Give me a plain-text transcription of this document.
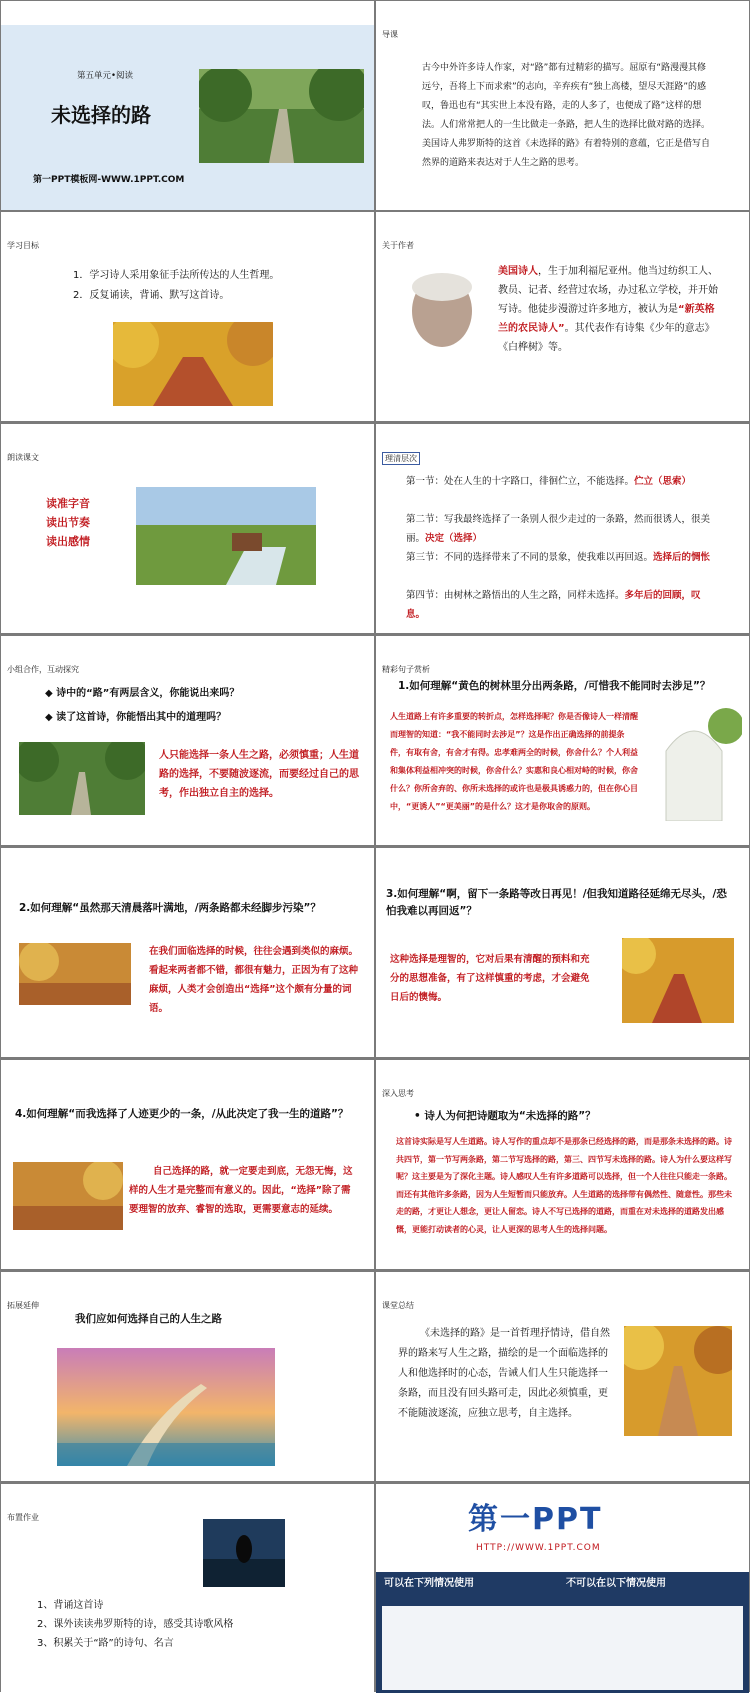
第五单元•阅读
未选择的路
第一PPT模板网-WWW.1PPT.COM
导课
古今中外许多诗人作家，对“路”都有过精彩的描写。屈原有“路漫漫其修远兮，吾将上下而求索”的志向，辛弃疾有“独上高楼，望尽天涯路”的感叹，鲁迅也有“其实世上本没有路，走的人多了，也便成了路”这样的想法。人们常常把人的一生比做走一条路，把人生的选择比做对路的选择。美国诗人弗罗斯特的这首《未选择的路》有着特别的意蕴，它正是借写自然界的道路来表达对于人生之路的思考。
学习目标
1．学习诗人采用象征手法所传达的人生哲理。
2．反复诵读，背诵、默写这首诗。
关于作者
美国诗人，生于加利福尼亚州。他当过纺织工人、教员、记者、经营过农场，办过私立学校，并开始写诗。他徒步漫游过许多地方，被认为是“新英格兰的农民诗人”。其代表作有诗集《少年的意志》《白桦树》等。
朗读课文
读准字音
读出节奏
读出感情
理清层次
第一节：处在人生的十字路口，徘徊伫立，不能选择。伫立（思索）
第二节：写我最终选择了一条别人很少走过的一条路，然而很诱人，很美丽。决定（选择）
第三节：不同的选择带来了不同的景象，使我难以再回返。选择后的惆怅
第四节：由树林之路悟出的人生之路，同样未选择。多年后的回顾，叹息。
小组合作，互动探究
◆ 诗中的“路”有两层含义，你能说出来吗？
◆ 读了这首诗，你能悟出其中的道理吗？
人只能选择一条人生之路，必须慎重；人生道路的选择，不要随波逐流，而要经过自己的思考，作出独立自主的选择。
精彩句子赏析
1.如何理解“黄色的树林里分出两条路，/可惜我不能同时去涉足”？
人生道路上有许多重要的转折点，怎样选择呢？你是否像诗人一样清醒而理智的知道：“我不能同时去涉足”？这是作出正确选择的前提条件，有取有舍，有舍才有得。忠孝难两全的时候，你舍什么？个人利益和集体利益相冲突的时候，你舍什么？实惠和良心相对峙的时候，你舍什么？你所舍弃的、你所未选择的或许也是极具诱惑力的，但在你心目中，“更诱人”“更美丽”的是什么？这才是你取舍的原则。
2.如何理解“虽然那天清晨落叶满地，/两条路都未经脚步污染”？
在我们面临选择的时候，往往会遇到类似的麻烦。看起来两者都不错，都很有魅力，正因为有了这种麻烦，人类才会创造出“选择”这个颇有分量的词语。
3.如何理解“啊，留下一条路等改日再见！/但我知道路径延绵无尽头，/恐怕我难以再回返”？
这种选择是理智的，它对后果有清醒的预料和充分的思想准备，有了这样慎重的考虑，才会避免日后的懊悔。
4.如何理解“而我选择了人迹更少的一条，/从此决定了我一生的道路”？
自己选择的路，就一定要走到底，无怨无悔，这样的人生才是完整而有意义的。因此，“选择”除了需要理智的放弃、睿智的选取，更需要意志的延续。
深入思考
• 诗人为何把诗题取为“未选择的路”？
这首诗实际是写人生道路。诗人写作的重点却不是那条已经选择的路，而是那条未选择的路。诗共四节，第一节写两条路，第二节写选择的路，第三、四节写未选择的路。诗人为什么要这样写呢？这主要是为了深化主题。诗人感叹人生有许多道路可以选择，但一个人往往只能走一条路。而还有其他许多条路，因为人生短暂而只能放弃。人生道路的选择带有偶然性、随意性。那些未走的路，才更让人想念，更让人留恋。诗人不写已选择的道路，而重在对未选择的道路发出感慨，更能打动读者的心灵，让人更深的思考人生的选择问题。
拓展延伸
我们应如何选择自己的人生之路
课堂总结
《未选择的路》是一首哲理抒情诗，借自然界的路来写人生之路，描绘的是一个面临选择的人和他选择时的心态，告诫人们人生只能选择一条路，而且没有回头路可走，因此必须慎重，更不能随波逐流，应独立思考，自主选择。
布置作业
1、背诵这首诗
2、课外读读弗罗斯特的诗，感受其诗歌风格
3、积累关于“路”的诗句、名言
第一PPT
HTTP://WWW.1PPT.COM
可以在下列情况使用	不可以在以下情况使用
